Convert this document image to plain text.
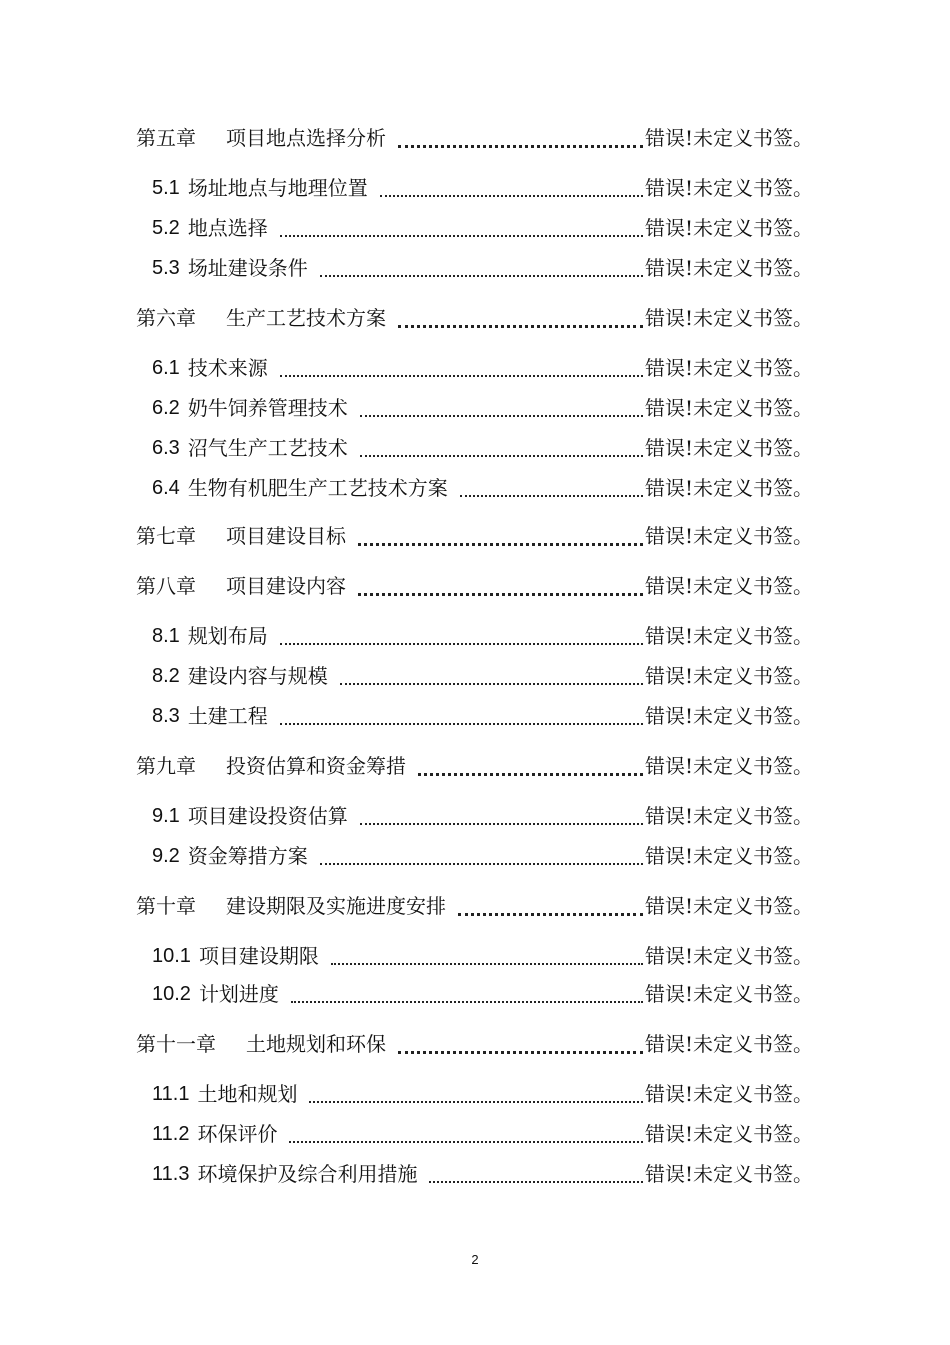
第五章 项目地点选择分析	错误!未定义书签。
5.1 场址地点与地理位置	错误!未定义书签。
5.2 地点选择	错误!未定义书签。
5.3 场址建设条件	错误!未定义书签。
第六章 生产工艺技术方案	错误!未定义书签。
6.1 技术来源	错误!未定义书签。
6.2 奶牛饲养管理技术	错误!未定义书签。
6.3 沼气生产工艺技术	错误!未定义书签。
6.4 生物有机肥生产工艺技术方案	错误!未定义书签。
第七章 项目建设目标	错误!未定义书签。
第八章 项目建设内容	错误!未定义书签。
8.1 规划布局	错误!未定义书签。
8.2 建设内容与规模	错误!未定义书签。
8.3 土建工程	错误!未定义书签。
第九章 投资估算和资金筹措	错误!未定义书签。
9.1 项目建设投资估算	错误!未定义书签。
9.2 资金筹措方案	错误!未定义书签。
第十章 建设期限及实施进度安排	错误!未定义书签。
10.1 项目建设期限	错误!未定义书签。
10.2 计划进度	错误!未定义书签。
第十一章 土地规划和环保	错误!未定义书签。
11.1 土地和规划	错误!未定义书签。
11.2 环保评价	错误!未定义书签。
11.3 环境保护及综合利用措施	错误!未定义书签。
2
